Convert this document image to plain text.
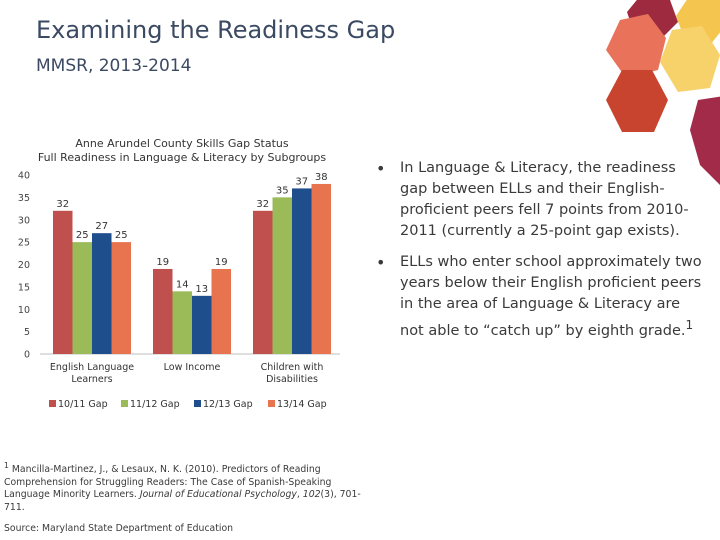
Examining the Readiness Gap
MMSR, 2013-2014
Anne Arundel County Skills Gap Status
Full Readiness in Language & Literacy by Subgroups
0
5
10
15
20
25
30
35
40
32
25
27
25
19
14 13
19
32
35
37 38
English Language
Learners
Low Income	Children with
Disabilities
10/11 Gap 11/12 Gap 12/13 Gap	13/14 Gap
• In Language & Literacy, the readiness gap between ELLs and their English-proficient peers fell 7 points from 2010-2011 (currently a 25-point gap exists).
• ELLs who enter school approximately two years below their English proficient peers in the area of Language & Literacy are not able to “catch up” by eighth grade.$^1$
$^1$ Mancilla-Martinez, J., & Lesaux, N. K. (2010). Predictors of Reading Comprehension for Struggling Readers: The Case of Spanish-Speaking Language Minority Learners. Journal of Educational Psychology, 102(3), 701-711.
Source: Maryland State Department of Education
